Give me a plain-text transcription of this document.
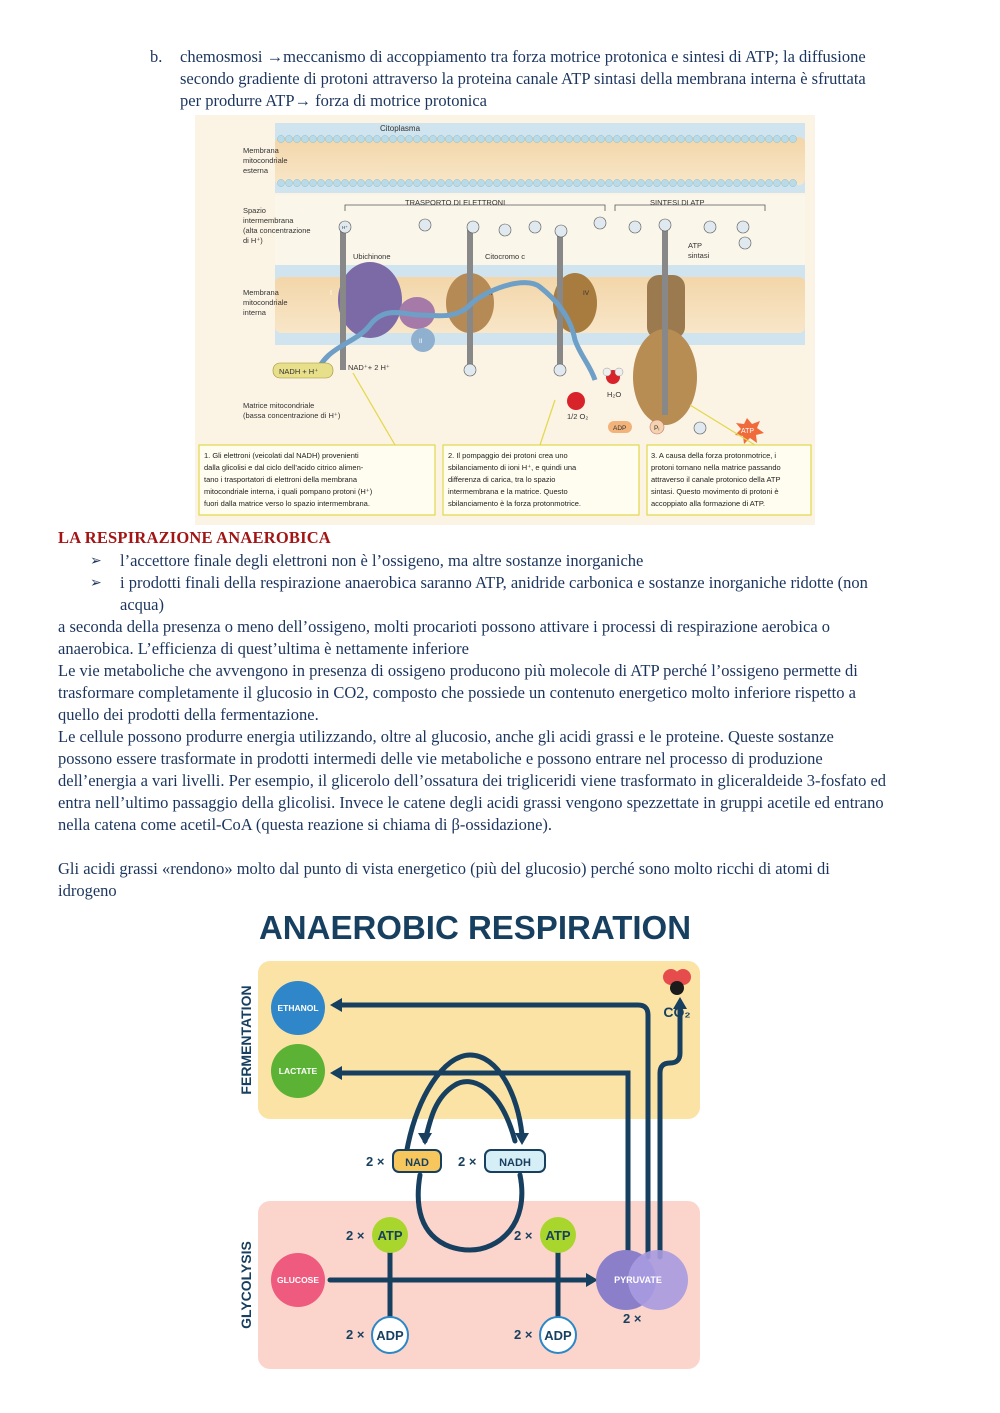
b. chemosmosi →meccanismo di accoppiamento tra forza motrice protonica e sintesi di ATP; la diffusione secondo gradiente di protoni attraverso la proteina canale ATP sintasi della membrana interna è sfruttata per produrre ATP→ forza di motrice protonica
Citoplasma
Membrana
mitocondriale
esterna
Spazio
intermembrana
(alta concentrazione
di H⁺)
Membrana
mitocondriale
interna
Matrice mitocondriale
(bassa concentrazione di H⁺)
TRASPORTO DI ELETTRONI	SINTESI DI ATP
I
II
Ubichinone
III
Citocromo c
IV
ATP
sintasi
H⁺
NADH + H⁺	NAD⁺+ 2 H⁺
1/2 O₂
H₂O
ADP	Pᵢ	ATP
1. Gli elettroni (veicolati dal NADH) provenienti
dalla glicolisi e dal ciclo dell’acido citrico alimen-
tano i trasportatori di elettroni della membrana
mitocondriale interna, i quali pompano protoni (H⁺)
fuori dalla matrice verso lo spazio intermembrana.
2. Il pompaggio dei protoni crea uno
sbilanciamento di ioni H⁺, e quindi una
differenza di carica, tra lo spazio
intermembrana e la matrice. Questo
sbilanciamento è la forza protonmotrice.
3. A causa della forza protonmotrice, i
protoni tornano nella matrice passando
attraverso il canale protonico della ATP
sintasi. Questo movimento di protoni è
accoppiato alla formazione di ATP.
LA RESPIRAZIONE ANAEROBICA
➢ l’accettore finale degli elettroni non è l’ossigeno, ma altre sostanze inorganiche
➢ i prodotti finali della respirazione anaerobica saranno ATP, anidride carbonica e sostanze inorganiche ridotte (non acqua)
a seconda della presenza o meno dell’ossigeno, molti procarioti possono attivare i processi di respirazione aerobica o anaerobica. L’efficienza di quest’ultima è nettamente inferiore
Le vie metaboliche che avvengono in presenza di ossigeno producono più molecole di ATP perché l’ossigeno permette di trasformare completamente il glucosio in CO2, composto che possiede un contenuto energetico molto inferiore rispetto a quello dei prodotti della fermentazione.
Le cellule possono produrre energia utilizzando, oltre al glucosio, anche gli acidi grassi e le proteine. Queste sostanze possono essere trasformate in prodotti intermedi delle vie metaboliche e possono entrare nel processo di produzione dell’energia a vari livelli. Per esempio, il glicerolo dell’ossatura dei trigliceridi viene trasformato in gliceraldeide 3-fosfato ed entra nell’ultimo passaggio della glicolisi. Invece le catene degli acidi grassi vengono spezzettate in gruppi acetile ed entrano nella catena come acetil-CoA (questa reazione si chiama di β-ossidazione).
Gli acidi grassi «rendono» molto dal punto di vista energetico (più del glucosio) perché sono molto ricchi di atomi di idrogeno
ANAEROBIC RESPIRATION
FERMENTATION
GLYCOLYSIS
ETHANOL
LACTATE
CO₂
2 × NAD 2 × NADH
2 × ATP	2 × ATP
2 × ADP	2 × ADP
GLUCOSE	PYRUVATE
2 ×
